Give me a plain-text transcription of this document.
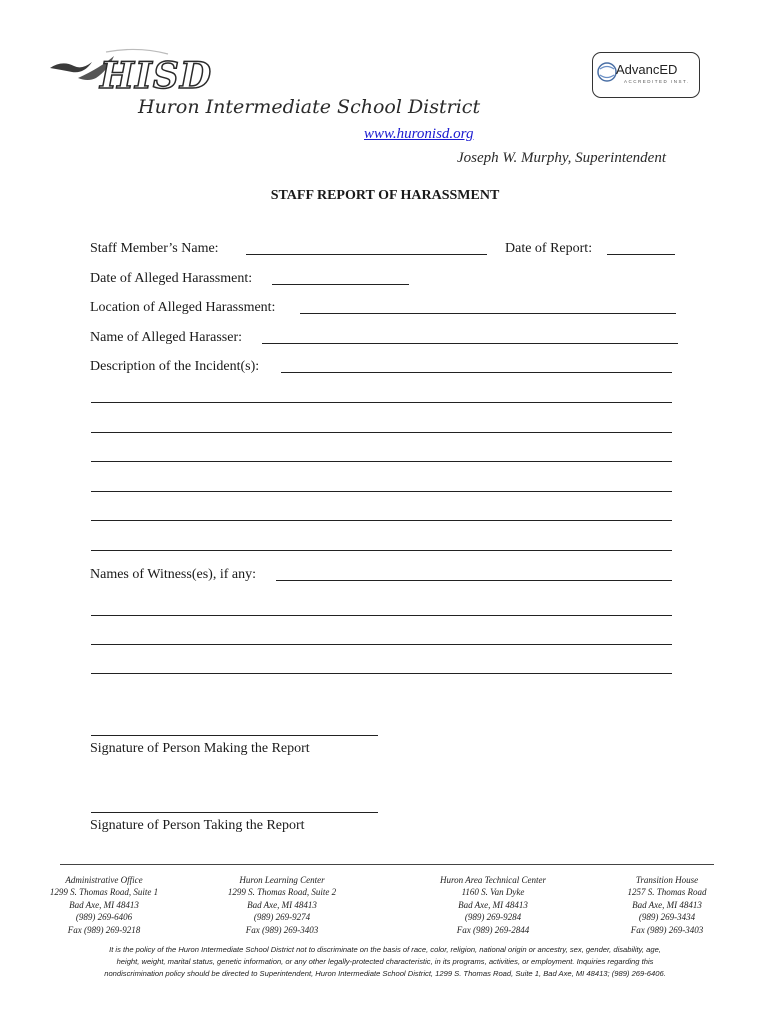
HISD
Huron Intermediate School District
www.huronisd.org
Joseph W. Murphy, Superintendent
AdvancED
ACCREDITED INST.
STAFF REPORT OF HARASSMENT
Staff Member’s Name:	Date of Report:
Date of Alleged Harassment:
Location of Alleged Harassment:
Name of Alleged Harasser:
Description of the Incident(s):
Names of Witness(es), if any:
Signature of Person Making the Report
Signature of Person Taking the Report
Administrative Office
1299 S. Thomas Road, Suite 1
Bad Axe, MI 48413
(989) 269-6406
Fax (989) 269-9218
Huron Learning Center
1299 S. Thomas Road, Suite 2
Bad Axe, MI 48413
(989) 269-9274
Fax (989) 269-3403
Huron Area Technical Center
1160 S. Van Dyke
Bad Axe, MI 48413
(989) 269-9284
Fax (989) 269-2844
Transition House
1257 S. Thomas Road
Bad Axe, MI 48413
(989) 269-3434
Fax (989) 269-3403
It is the policy of the Huron Intermediate School District not to discriminate on the basis of race, color, religion, national origin or ancestry, sex, gender, disability, age,
height, weight, marital status, genetic information, or any other legally-protected characteristic, in its programs, activities, or employment. Inquiries regarding this
nondiscrimination policy should be directed to Superintendent, Huron Intermediate School District, 1299 S. Thomas Road, Suite 1, Bad Axe, MI 48413; (989) 269-6406.
